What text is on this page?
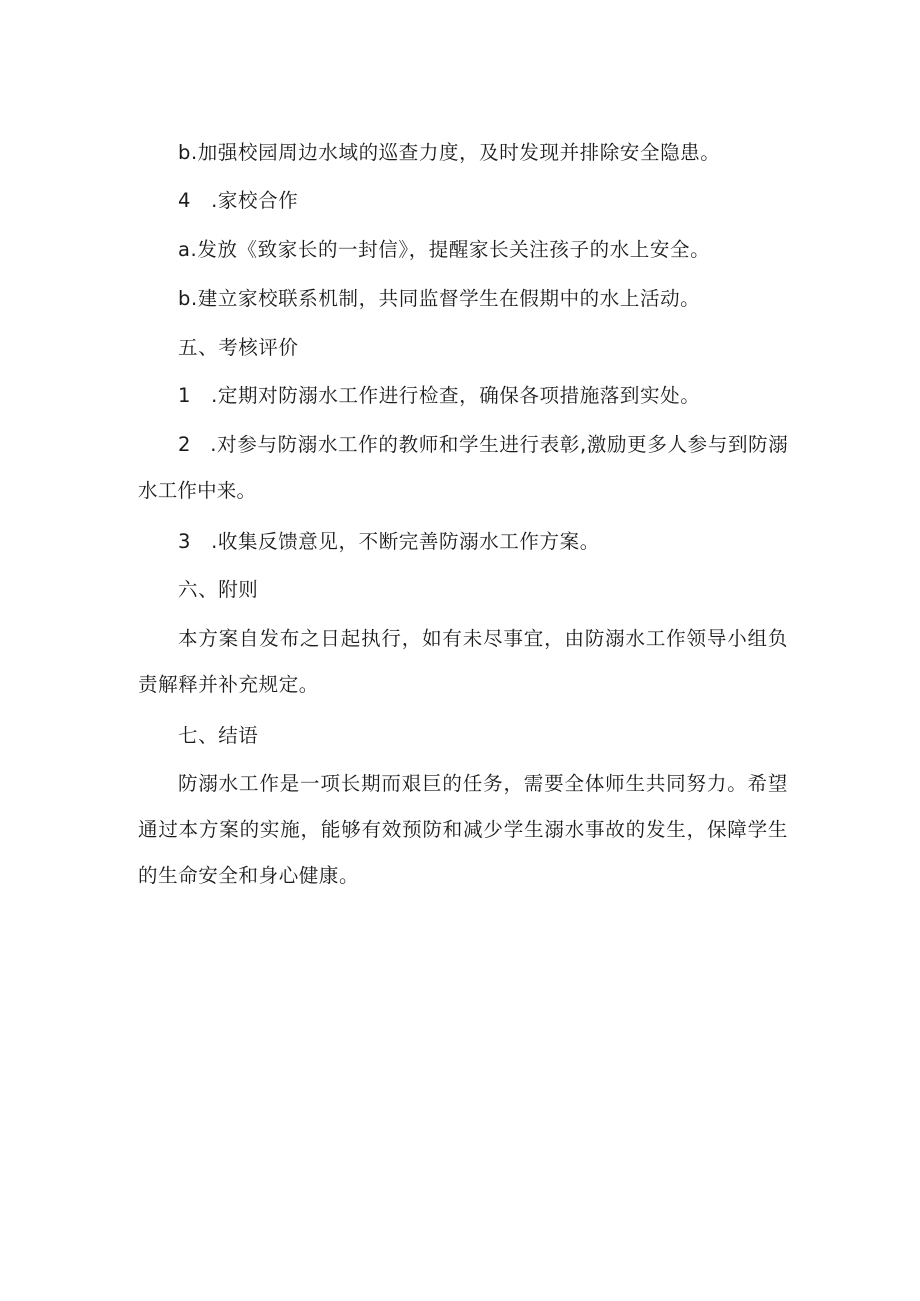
b.加强校园周边水域的巡查力度，及时发现并排除安全隐患。

4 .家校合作

a.发放《致家长的一封信》，提醒家长关注孩子的水上安全。

b.建立家校联系机制，共同监督学生在假期中的水上活动。

五、考核评价

1 .定期对防溺水工作进行检查，确保各项措施落到实处。

2 .对参与防溺水工作的教师和学生进行表彰,激励更多人参与到防溺水工作中来。

3 .收集反馈意见，不断完善防溺水工作方案。

六、附则

本方案自发布之日起执行，如有未尽事宜，由防溺水工作领导小组负责解释并补充规定。

七、结语

防溺水工作是一项长期而艰巨的任务，需要全体师生共同努力。希望通过本方案的实施，能够有效预防和减少学生溺水事故的发生，保障学生的生命安全和身心健康。
